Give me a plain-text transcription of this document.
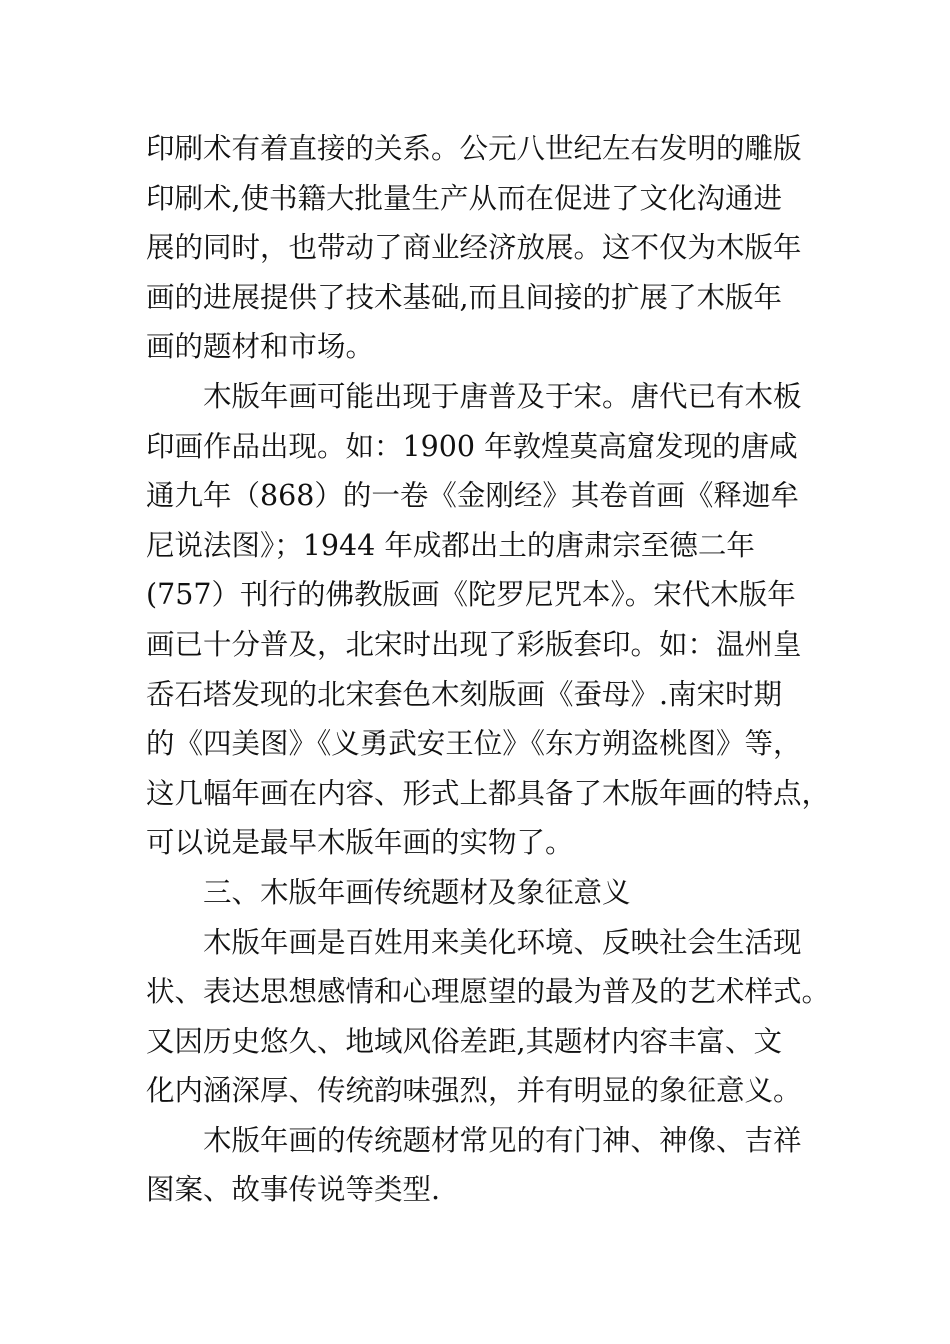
印刷术有着直接的关系。公元八世纪左右发明的雕版
印刷术,使书籍大批量生产从而在促进了文化沟通进
展的同时，也带动了商业经济放展。这不仅为木版年
画的进展提供了技术基础,而且间接的扩展了木版年
画的题材和市场。
木版年画可能出现于唐普及于宋。唐代已有木板
印画作品出现。如：1900 年敦煌莫高窟发现的唐咸
通九年（868）的一卷《金刚经》其卷首画《释迦牟
尼说法图》；1944 年成都出土的唐肃宗至德二年
(757）刊行的佛教版画《陀罗尼咒本》。宋代木版年
画已十分普及，北宋时出现了彩版套印。如：温州皇
岙石塔发现的北宋套色木刻版画《蚕母》.南宋时期
的《四美图》《义勇武安王位》《东方朔盗桃图》等，
这几幅年画在内容、形式上都具备了木版年画的特点，
可以说是最早木版年画的实物了。
三、木版年画传统题材及象征意义
木版年画是百姓用来美化环境、反映社会生活现
状、表达思想感情和心理愿望的最为普及的艺术样式。
又因历史悠久、地域风俗差距,其题材内容丰富、文
化内涵深厚、传统韵味强烈，并有明显的象征意义。
木版年画的传统题材常见的有门神、神像、吉祥
图案、故事传说等类型.
